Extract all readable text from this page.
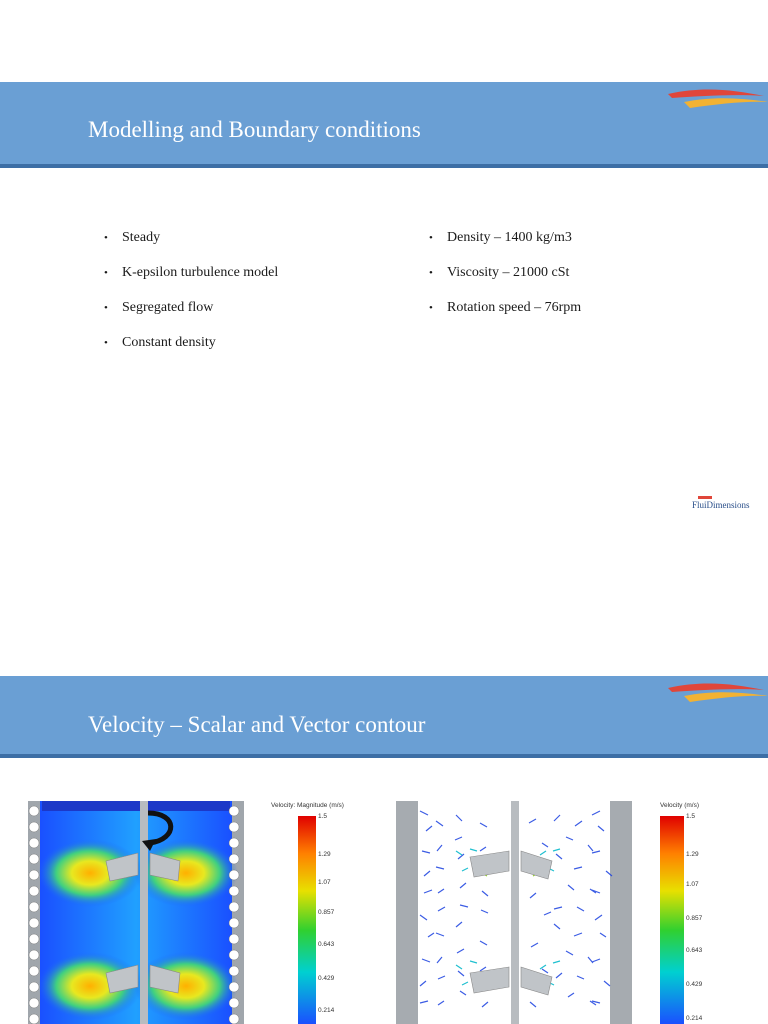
Modelling and Boundary conditions
• Steady
• K-epsilon turbulence model
• Segregated flow
• Constant density
• Density – 1400 kg/m3
• Viscosity – 21000 cSt
• Rotation speed – 76rpm
FluiDimensions
Velocity – Scalar and Vector contour
Velocity: Magnitude (m/s)
1.5
1.29
1.07
0.857
0.643
0.429
0.214
Velocity (m/s)
1.5
1.29
1.07
0.857
0.643
0.429
0.214
